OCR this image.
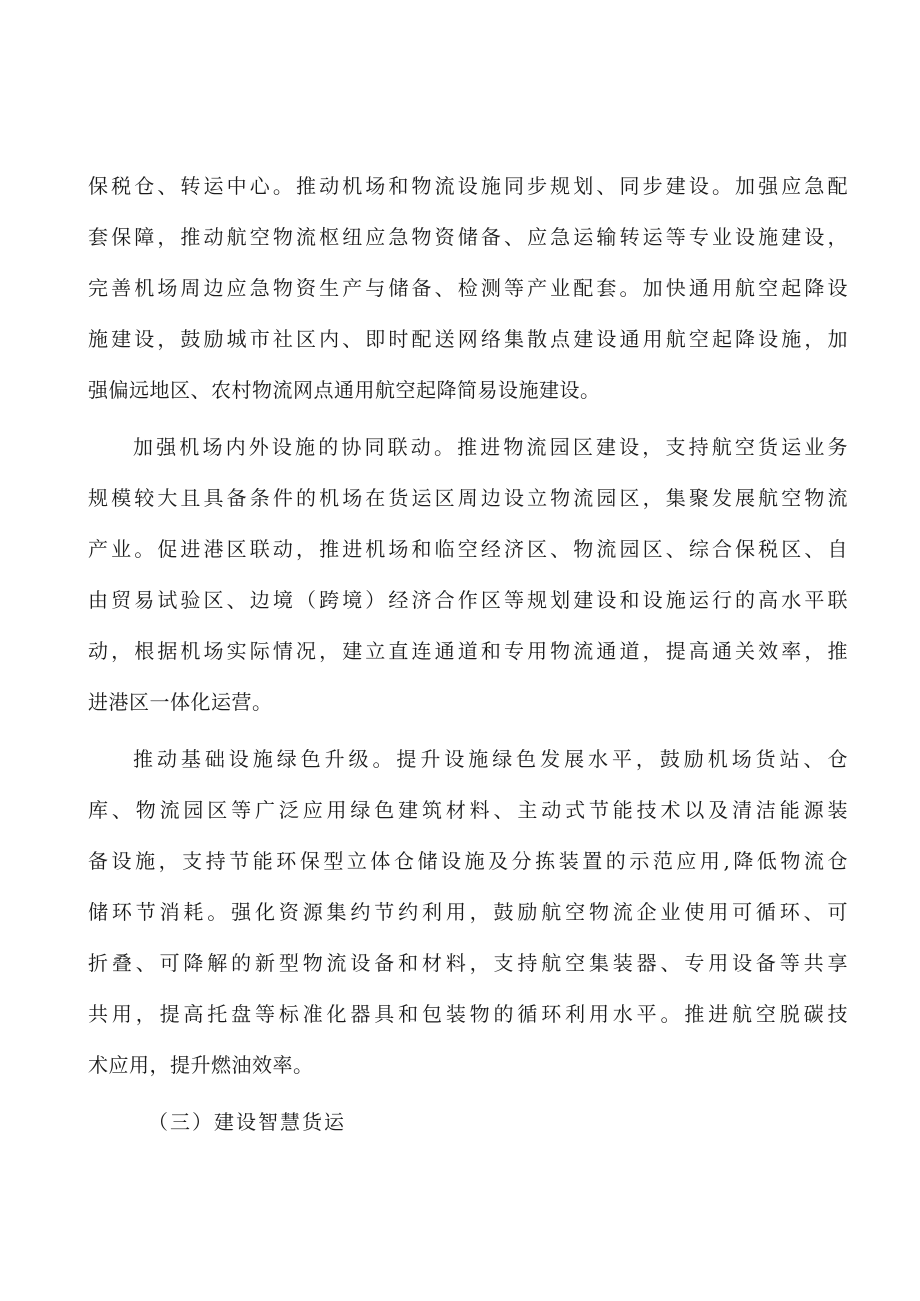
保税仓、转运中心。推动机场和物流设施同步规划、同步建设。加强应急配
套保障，推动航空物流枢纽应急物资储备、应急运输转运等专业设施建设，
完善机场周边应急物资生产与储备、检测等产业配套。加快通用航空起降设
施建设，鼓励城市社区内、即时配送网络集散点建设通用航空起降设施，加
强偏远地区、农村物流网点通用航空起降简易设施建设。
加强机场内外设施的协同联动。推进物流园区建设，支持航空货运业务
规模较大且具备条件的机场在货运区周边设立物流园区，集聚发展航空物流
产业。促进港区联动，推进机场和临空经济区、物流园区、综合保税区、自
由贸易试验区、边境（跨境）经济合作区等规划建设和设施运行的高水平联
动，根据机场实际情况，建立直连通道和专用物流通道，提高通关效率，推
进港区一体化运营。
推动基础设施绿色升级。提升设施绿色发展水平，鼓励机场货站、仓
库、物流园区等广泛应用绿色建筑材料、主动式节能技术以及清洁能源装
备设施，支持节能环保型立体仓储设施及分拣装置的示范应用,降低物流仓
储环节消耗。强化资源集约节约利用，鼓励航空物流企业使用可循环、可
折叠、可降解的新型物流设备和材料，支持航空集装器、专用设备等共享
共用，提高托盘等标准化器具和包装物的循环利用水平。推进航空脱碳技
术应用，提升燃油效率。
（三）建设智慧货运
